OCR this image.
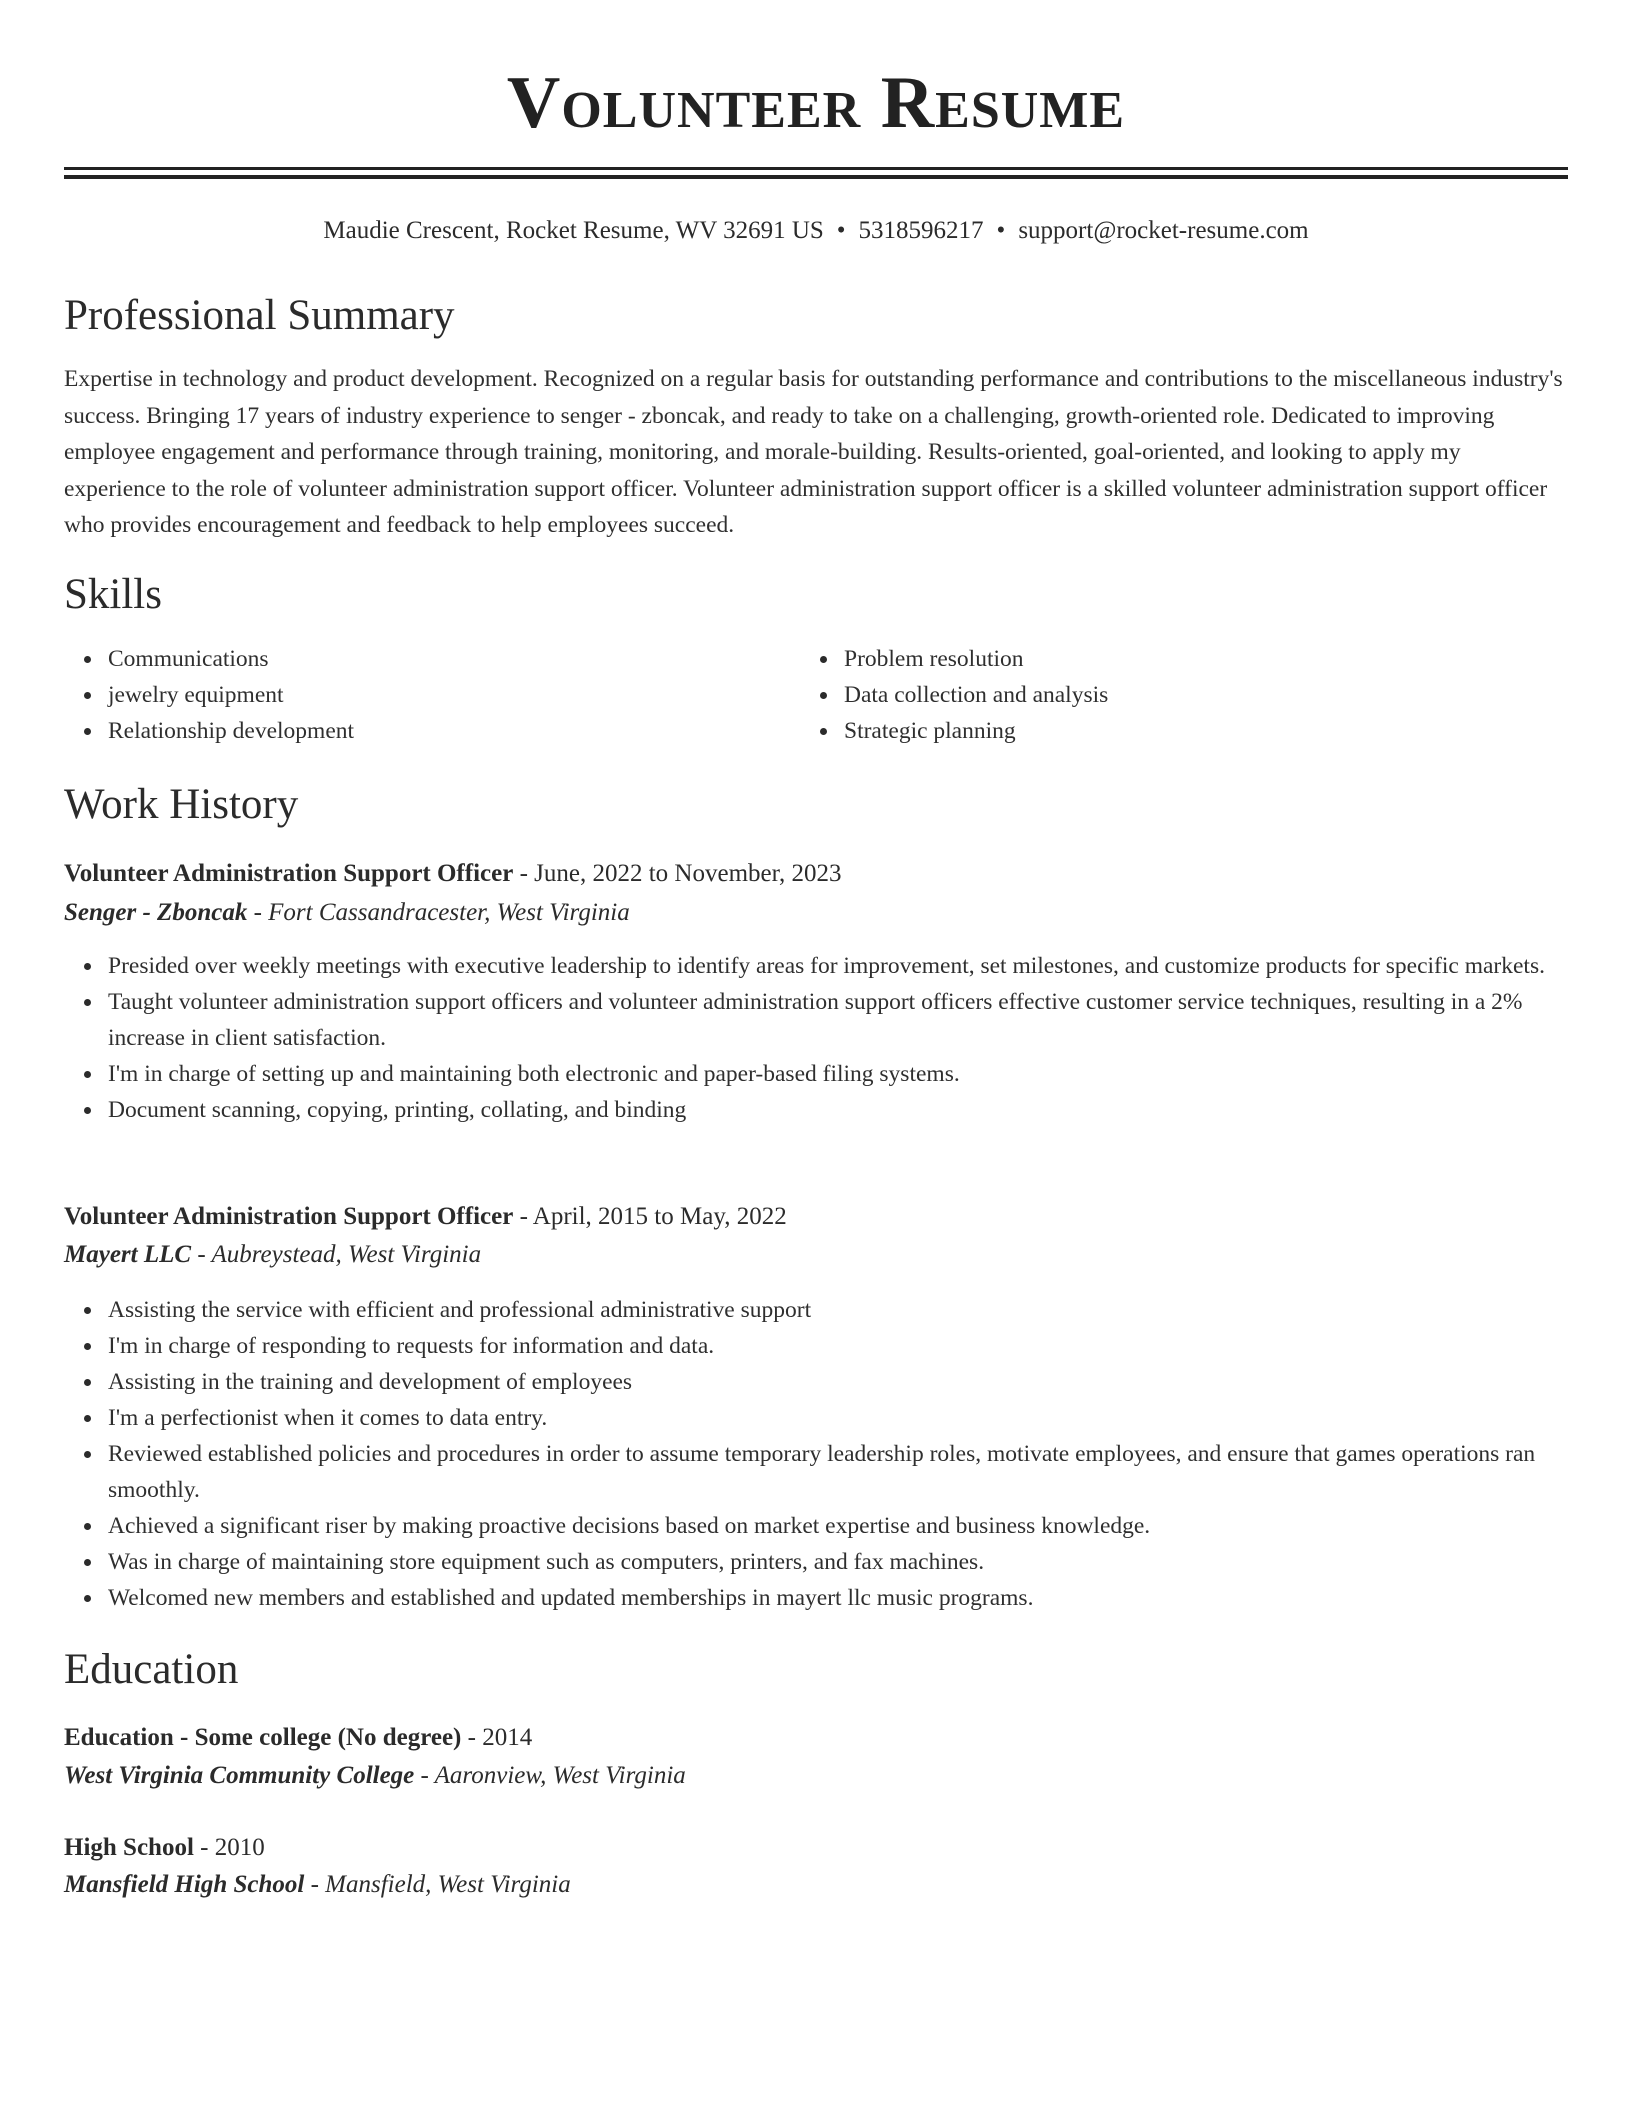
Volunteer Resume
Maudie Crescent, Rocket Resume, WV 32691 US • 5318596217 • support@rocket-resume.com
Professional Summary

Expertise in technology and product development. Recognized on a regular basis for outstanding performance and contributions to the miscellaneous industry's success. Bringing 17 years of industry experience to senger - zboncak, and ready to take on a challenging, growth-oriented role. Dedicated to improving employee engagement and performance through training, monitoring, and morale-building. Results-oriented, goal-oriented, and looking to apply my experience to the role of volunteer administration support officer. Volunteer administration support officer is a skilled volunteer administration support officer who provides encouragement and feedback to help employees succeed.

Skills
Communications
jewelry equipment
Relationship development
Problem resolution
Data collection and analysis
Strategic planning
Work History
Volunteer Administration Support Officer - June, 2022 to November, 2023
Senger - Zboncak - Fort Cassandracester, West Virginia
Presided over weekly meetings with executive leadership to identify areas for improvement, set milestones, and customize products for specific markets.
Taught volunteer administration support officers and volunteer administration support officers effective customer service techniques, resulting in a 2% increase in client satisfaction.
I'm in charge of setting up and maintaining both electronic and paper-based filing systems.
Document scanning, copying, printing, collating, and binding
Volunteer Administration Support Officer - April, 2015 to May, 2022
Mayert LLC - Aubreystead, West Virginia
Assisting the service with efficient and professional administrative support
I'm in charge of responding to requests for information and data.
Assisting in the training and development of employees
I'm a perfectionist when it comes to data entry.
Reviewed established policies and procedures in order to assume temporary leadership roles, motivate employees, and ensure that games operations ran smoothly.
Achieved a significant riser by making proactive decisions based on market expertise and business knowledge.
Was in charge of maintaining store equipment such as computers, printers, and fax machines.
Welcomed new members and established and updated memberships in mayert llc music programs.
Education
Education - Some college (No degree) - 2014
West Virginia Community College - Aaronview, West Virginia
High School - 2010
Mansfield High School - Mansfield, West Virginia
